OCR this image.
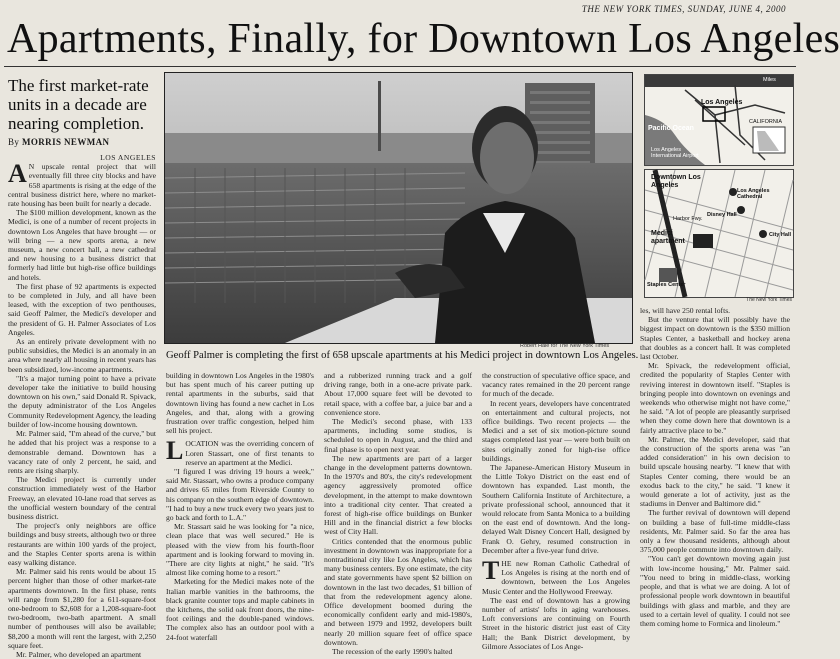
THE NEW YORK TIMES, SUNDAY, JUNE 4, 2000
Apartments, Finally, for Downtown Los Angeles
The first market-rate units in a decade are nearing completion.
By MORRIS NEWMAN

LOS ANGELES

A N upscale rental project that will eventually fill three city blocks and have 658 apartments is rising at the edge of the central business district here, where no market-rate housing has been built for nearly a decade.

The $100 million development, known as the Medici, is one of a number of recent projects in downtown Los Angeles that have brought — or will bring — a new sports arena, a new museum, a new concert hall, a new cathedral and new housing to a business district that formerly had little but high-rise office buildings and hotels.

The first phase of 92 apartments is expected to be completed in July, and all have been leased, with the exception of two penthouses, said Geoff Palmer, the Medici's developer and the president of G. H. Palmer Associates of Los Angeles.

As an entirely private development with no public subsidies, the Medici is an anomaly in an area where nearly all housing in recent years has been subsidized, low-income apartments.

"It's a major turning point to have a private developer take the initiative to build housing downtown on his own," said Donald R. Spivack, the deputy administrator of the Los Angeles Community Redevelopment Agency, the leading builder of low-income housing downtown.

Mr. Palmer said, "I'm ahead of the curve," but he added that his project was a response to a demonstrable demand. Downtown has a vacancy rate of only 2 percent, he said, and rents are rising sharply.

The Medici project is currently under construction immediately west of the Harbor Freeway, an elevated 10-lane road that serves as the unofficial western boundary of the central business district.

The project's only neighbors are office buildings and busy streets, although two or three restaurants are within 100 yards of the project, and the Staples Center sports arena is within easy walking distance.

Mr. Palmer said his rents would be about 15 percent higher than those of other market-rate apartments downtown. In the first phase, rents will range from $1,280 for a 611-square-foot one-bedroom to $2,608 for a 1,208-square-foot two-bedroom, two-bath apartment. A small number of penthouses will also be available; $8,200 a month will rent the largest, with 2,250 square feet.

Mr. Palmer, who developed an apartment

Robert Hale for The New York Times
Geoff Palmer is completing the first of 658 upscale apartments at his Medici project in downtown Los Angeles.
Pacific Ocean
Los Angeles International Airport
Los Angeles
CALIFORNIA
Miles
Downtown Los Angeles
Los Angeles Cathedral
Disney Hall
Medici apartment
City Hall
Staples Center
Harbor Fwy.
The New York Times

building in downtown Los Angeles in the 1980's but has spent much of his career putting up rental apartments in the suburbs, said that downtown living has found a new cachet in Los Angeles, and that, along with a growing frustration over traffic congestion, helped him sell his project.

LOCATION was the overriding concern of Loren Stassart, one of first tenants to reserve an apartment at the Medici.

"I figured I was driving 19 hours a week," said Mr. Stassart, who owns a produce company and drives 65 miles from Riverside County to his company on the southern edge of downtown. "I had to buy a new truck every two years just to go back and forth to L.A."

Mr. Stassart said he was looking for "a nice, clean place that was well secured." He is pleased with the view from his fourth-floor apartment and is looking forward to moving in. "There are city lights at night," he said. "It's almost like coming home to a resort."

Marketing for the Medici makes note of the Italian marble vanities in the bathrooms, the black granite counter tops and maple cabinets in the kitchens, the solid oak front doors, the nine-foot ceilings and the double-paned windows. The complex also has an outdoor pool with a 24-foot waterfall

and a rubberized running track and a golf driving range, both in a one-acre private park. About 17,000 square feet will be devoted to retail space, with a coffee bar, a juice bar and a convenience store.

The Medici's second phase, with 133 apartments, including some studios, is scheduled to open in August, and the third and final phase is to open next year.

The new apartments are part of a larger change in the development patterns downtown. In the 1970's and 80's, the city's redevelopment agency aggressively promoted office development, in the attempt to make downtown into a traditional city center. That created a forest of high-rise office buildings on Bunker Hill and in the financial district a few blocks west of City Hall.

Critics contended that the enormous public investment in downtown was inappropriate for a nontraditional city like Los Angeles, which has many business centers. By one estimate, the city and state governments have spent $2 billion on downtown in the last two decades, $1 billion of that from the redevelopment agency alone. Office development boomed during the economically confident early and mid-1980's, and between 1979 and 1992, developers built nearly 20 million square feet of office space downtown.

The recession of the early 1990's halted

the construction of speculative office space, and vacancy rates remained in the 20 percent range for much of the decade.

In recent years, developers have concentrated on entertainment and cultural projects, not office buildings. Two recent projects — the Medici and a set of six motion-picture sound stages completed last year — were both built on sites originally zoned for high-rise office buildings.

The Japanese-American History Museum in the Little Tokyo District on the east end of downtown has expanded. Last month, the Southern California Institute of Architecture, a private professional school, announced that it would relocate from Santa Monica to a building on the east end of downtown. And the long-delayed Walt Disney Concert Hall, designed by Frank O. Gehry, resumed construction in December after a five-year fund drive.

THE new Roman Catholic Cathedral of Los Angeles is rising at the north end of downtown, between the Los Angeles Music Center and the Hollywood Freeway.

The east end of downtown has a growing number of artists' lofts in aging warehouses. Loft conversions are continuing on Fourth Street in the historic district just east of City Hall; the Bank District development, by Gilmore Associates of Los Ange-

les, will have 250 rental lofts.

But the venture that will possibly have the biggest impact on downtown is the $350 million Staples Center, a basketball and hockey arena that doubles as a concert hall. It was completed last October.

Mr. Spivack, the redevelopment official, credited the popularity of Staples Center with reviving interest in downtown itself. "Staples is bringing people into downtown on evenings and weekends who otherwise might not have come," he said. "A lot of people are pleasantly surprised when they come down here that downtown is a fairly attractive place to be."

Mr. Palmer, the Medici developer, said that the construction of the sports arena was "an added consideration" in his own decision to build upscale housing nearby. "I knew that with Staples Center coming, there would be an exodus back to the city," he said. "I knew it would generate a lot of activity, just as the stadiums in Denver and Baltimore did."

The further revival of downtown will depend on building a base of full-time middle-class residents, Mr. Palmer said. So far the area has only a few thousand residents, although about 375,000 people commute into downtown daily.

"You can't get downtown moving again just with low-income housing," Mr. Palmer said. "You need to bring in middle-class, working people, and that is what we are doing. A lot of professional people work downtown in beautiful buildings with glass and marble, and they are used to a certain level of quality. I could not see them coming home to Formica and linoleum."
